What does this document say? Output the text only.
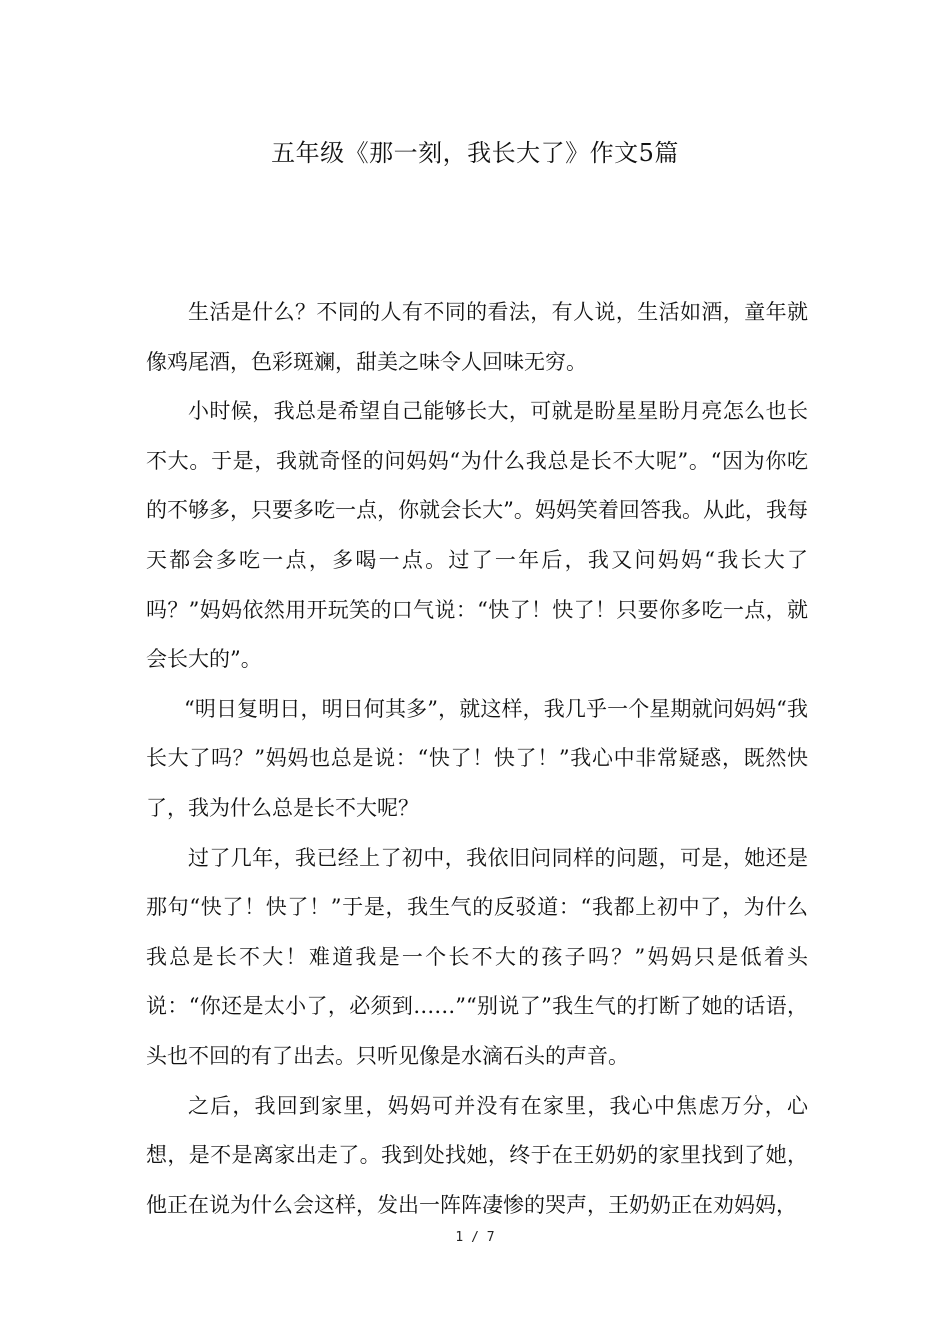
五年级《那一刻，我长大了》作文5篇

生活是什么？不同的人有不同的看法，有人说，生活如酒，童年就像鸡尾酒，色彩斑斓，甜美之味令人回味无穷。

小时候，我总是希望自己能够长大，可就是盼星星盼月亮怎么也长不大。于是，我就奇怪的问妈妈“为什么我总是长不大呢”。“因为你吃的不够多，只要多吃一点，你就会长大”。妈妈笑着回答我。从此，我每天都会多吃一点，多喝一点。过了一年后，我又问妈妈“我长大了吗？”妈妈依然用开玩笑的口气说：“快了！快了！只要你多吃一点，就会长大的”。

“明日复明日，明日何其多”，就这样，我几乎一个星期就问妈妈“我长大了吗？”妈妈也总是说：“快了！快了！”我心中非常疑惑，既然快了，我为什么总是长不大呢？

过了几年，我已经上了初中，我依旧问同样的问题，可是，她还是那句“快了！快了！”于是，我生气的反驳道：“我都上初中了，为什么我总是长不大！难道我是一个长不大的孩子吗？”妈妈只是低着头说：“你还是太小了，必须到……”“别说了”我生气的打断了她的话语，头也不回的有了出去。只听见像是水滴石头的声音。

之后，我回到家里，妈妈可并没有在家里，我心中焦虑万分，心想，是不是离家出走了。我到处找她，终于在王奶奶的家里找到了她，他正在说为什么会这样，发出一阵阵凄惨的哭声，王奶奶正在劝妈妈，

1 / 7
